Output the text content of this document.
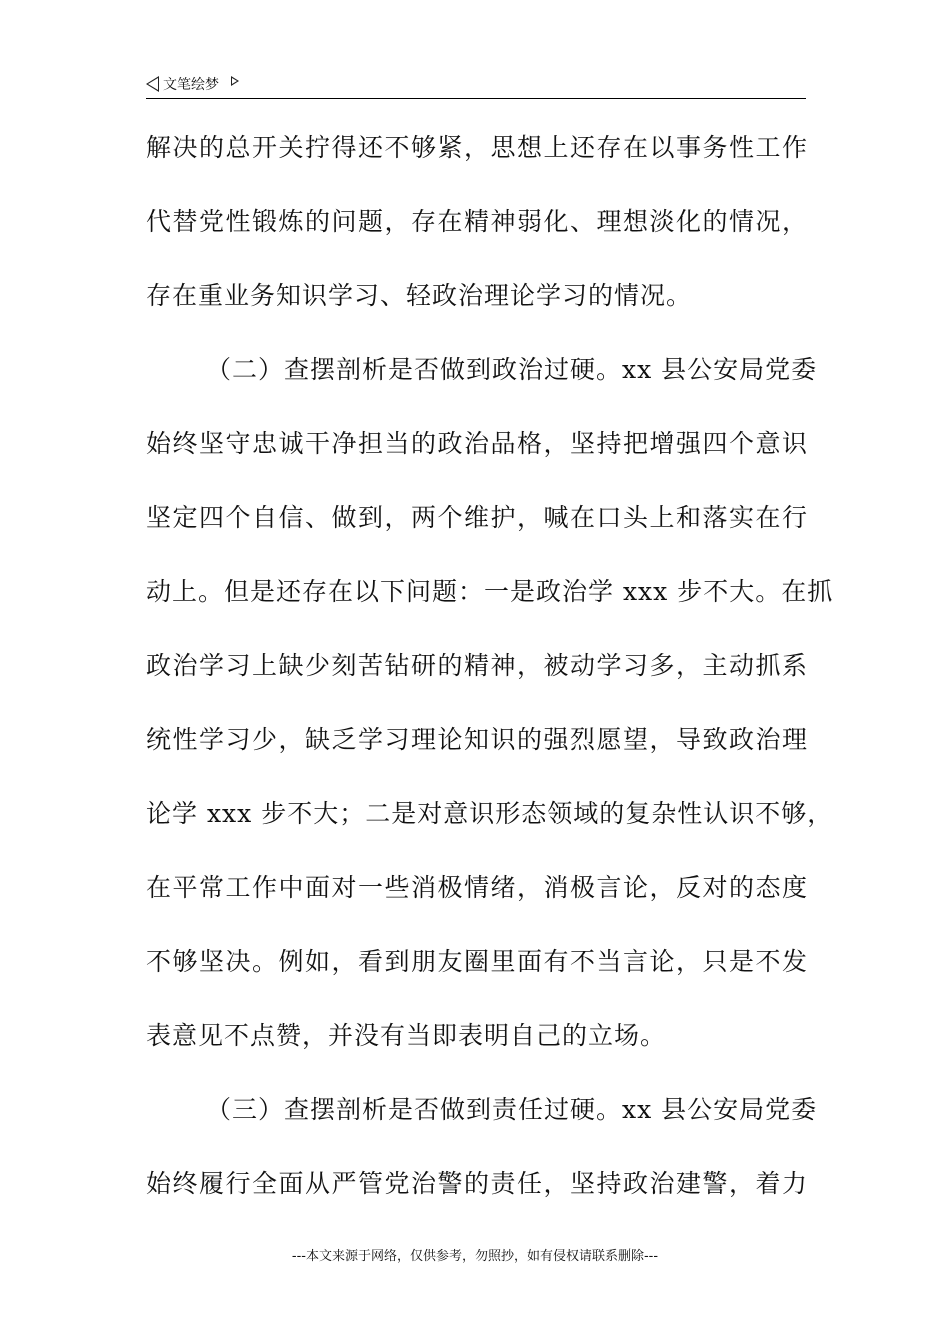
文笔绘梦
解决的总开关拧得还不够紧，思想上还存在以事务性工作
代替党性锻炼的问题，存在精神弱化、理想淡化的情况，
存在重业务知识学习、轻政治理论学习的情况。
（二）查摆剖析是否做到政治过硬。xx 县公安局党委
始终坚守忠诚干净担当的政治品格，坚持把增强四个意识
坚定四个自信、做到，两个维护，喊在口头上和落实在行
动上。但是还存在以下问题：一是政治学 xxx 步不大。在抓
政治学习上缺少刻苦钻研的精神，被动学习多，主动抓系
统性学习少，缺乏学习理论知识的强烈愿望，导致政治理
论学 xxx 步不大；二是对意识形态领域的复杂性认识不够，
在平常工作中面对一些消极情绪，消极言论，反对的态度
不够坚决。例如，看到朋友圈里面有不当言论，只是不发
表意见不点赞，并没有当即表明自己的立场。
（三）查摆剖析是否做到责任过硬。xx 县公安局党委
始终履行全面从严管党治警的责任，坚持政治建警，着力
---本文来源于网络，仅供参考，勿照抄，如有侵权请联系删除---
